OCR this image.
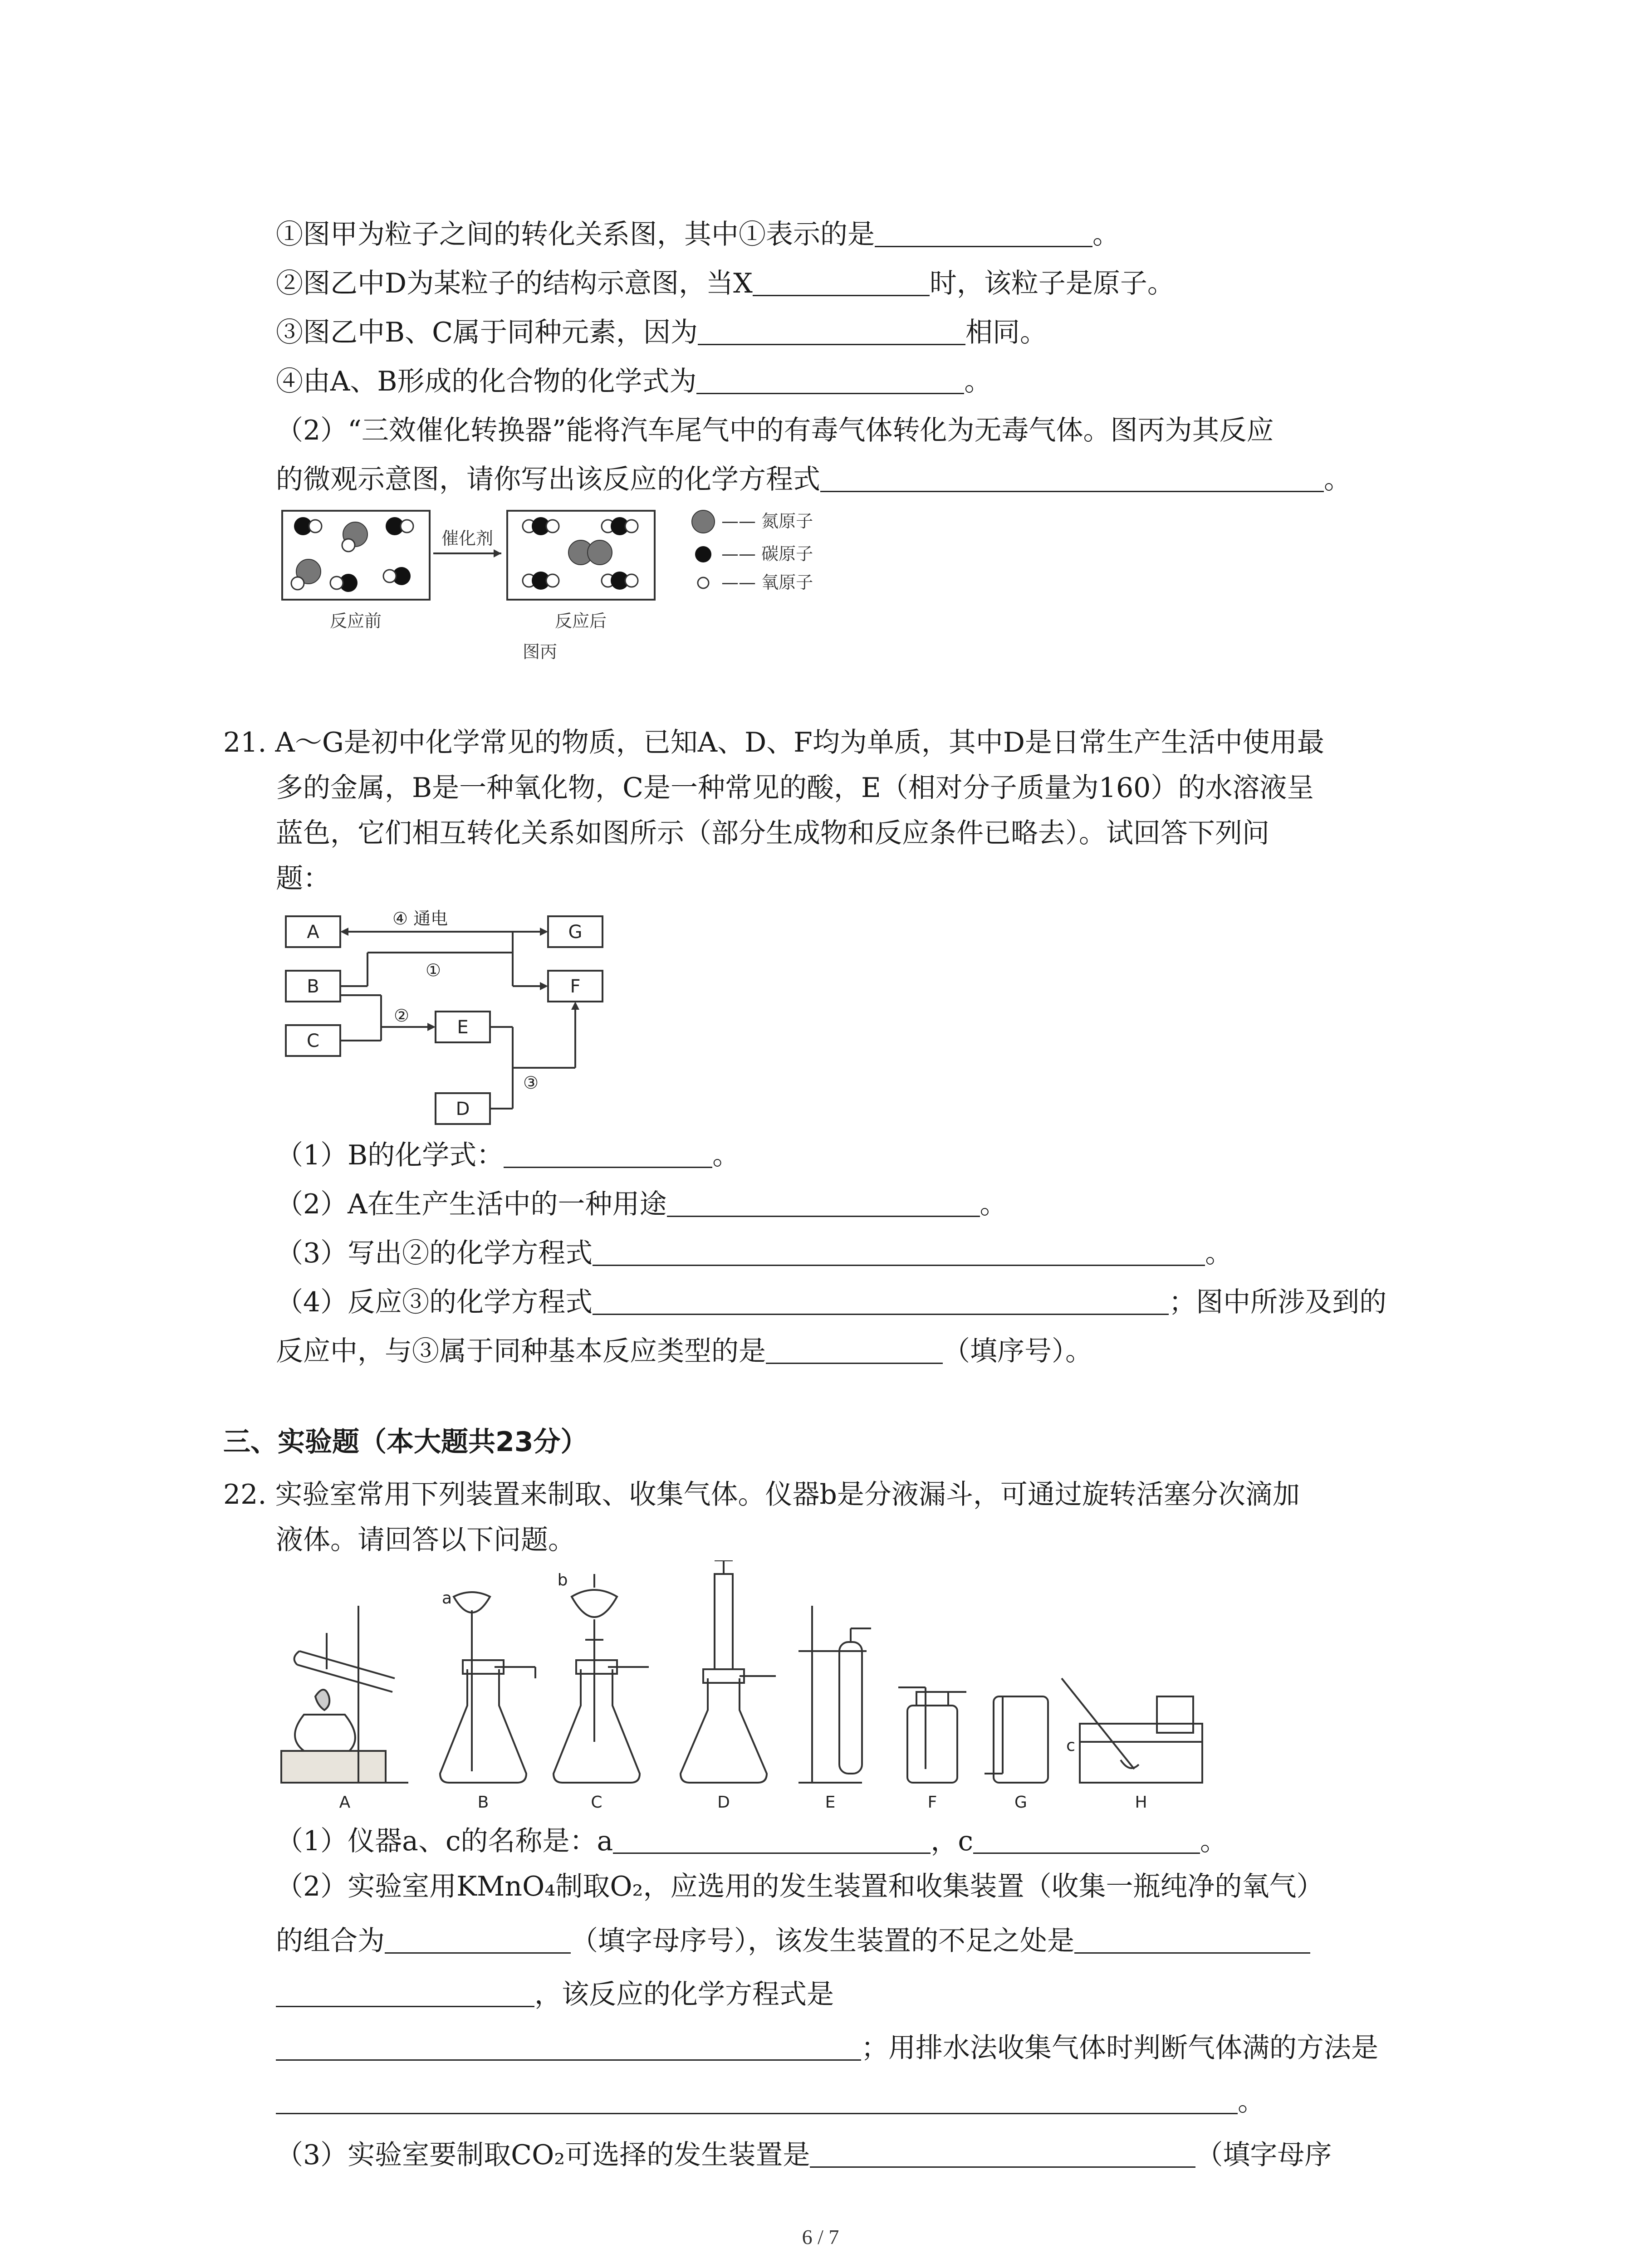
①图甲为粒子之间的转化关系图，其中①表示的是	。
②图乙中D为某粒子的结构示意图，当X	时，该粒子是原子。
③图乙中B、C属于同种元素，因为	相同。
④由A、B形成的化合物的化学式为	。
（2）“三效催化转换器”能将汽车尾气中的有毒气体转化为无毒气体。图丙为其反应
的微观示意图，请你写出该反应的化学方程式	。
催化剂
反应前	反应后
图丙
—— 氮原子
—— 碳原子
—— 氧原子
21. A～G是初中化学常见的物质，已知A、D、F均为单质，其中D是日常生产生活中使用最
多的金属，B是一种氧化物，C是一种常见的酸，E（相对分子质量为160）的水溶液呈
蓝色，它们相互转化关系如图所示（部分生成物和反应条件已略去）。试回答下列问
题：
A
B
C
G
F
E
D
④ 通电
①
②
③
（1）B的化学式：	。
（2）A在生产生活中的一种用途	。
（3）写出②的化学方程式	。
（4）反应③的化学方程式	；图中所涉及到的
反应中，与③属于同种基本反应类型的是	（填序号）。
三、实验题（本大题共23分）
22. 实验室常用下列装置来制取、收集气体。仪器b是分液漏斗，可通过旋转活塞分次滴加
液体。请回答以下问题。
A	B	C	D	E	F	G	H
a
b
c
（1）仪器a、c的名称是：a	，c	。
（2）实验室用KMnO₄制取O₂，应选用的发生装置和收集装置（收集一瓶纯净的氧气）
的组合为	（填字母序号），该发生装置的不足之处是
，该反应的化学方程式是
；用排水法收集气体时判断气体满的方法是
。
（3）实验室要制取CO₂可选择的发生装置是	（填字母序
6 / 7
